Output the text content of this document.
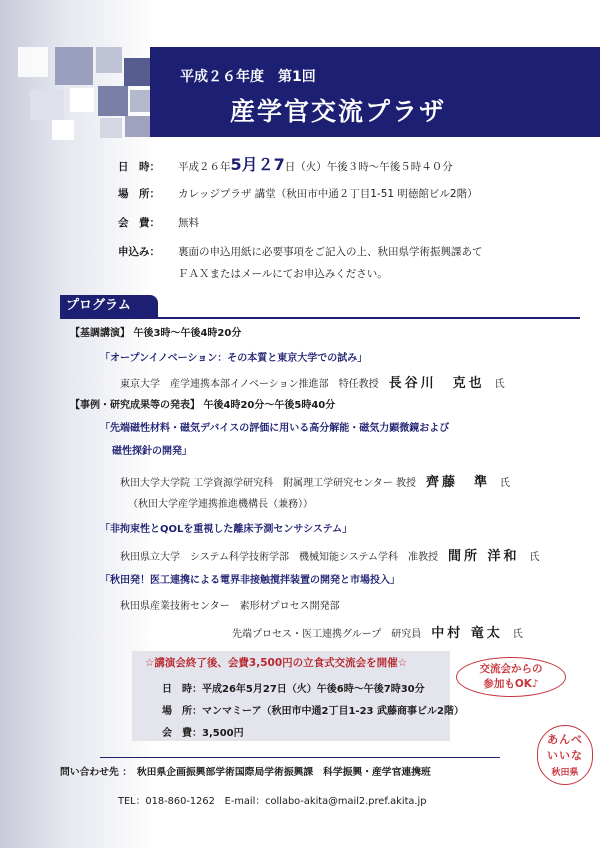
平成２６年度　第1回
産学官交流プラザ
日　時： 平成２６年5月２7日（火）午後３時～午後５時４０分
場　所： カレッジプラザ 講堂（秋田市中通２丁目1-51 明徳館ビル2階）
会　費： 無料
申込み： 裏面の申込用紙に必要事項をご記入の上、秋田県学術振興課あて
ＦＡＸまたはメールにてお申込みください。
プログラム
【基調講演】 午後3時～午後4時20分
「オープンイノベーション：その本質と東京大学での試み」
東京大学　産学連携本部イノベーション推進部　特任教授　 長谷川　克也　 氏
【事例・研究成果等の発表】 午後4時20分～午後5時40分
「先端磁性材料・磁気デバイスの評価に用いる高分解能・磁気力顕微鏡および
磁性探針の開発」
秋田大学大学院 工学資源学研究科　附属理工学研究センター 教授　 齊藤　準　 氏
（秋田大学産学連携推進機構長（兼務））
「非拘束性とQOLを重視した離床予測センサシステム」
秋田県立大学　システム科学技術学部　機械知能システム学科　准教授　 間所 洋和　 氏
「秋田発！医工連携による電界非接触撹拌装置の開発と市場投入」
秋田県産業技術センター　素形材プロセス開発部
先端プロセス・医工連携グループ　研究員　 中村 竜太　 氏
☆講演会終了後、会費3,500円の立食式交流会を開催☆
日　時：平成26年5月27日（火）午後6時～午後7時30分
場　所：マンマミーア（秋田市中通2丁目1-23 武藤商事ビル2階）
会　費：3,500円
交流会からの
参加もOK♪
問い合わせ先 ：　 秋田県企画振興部学術国際局学術振興課　科学振興・産学官連携班
TEL：018-860-1262　E-mail：collabo-akita@mail2.pref.akita.jp
あんべ
いいな
秋田県
